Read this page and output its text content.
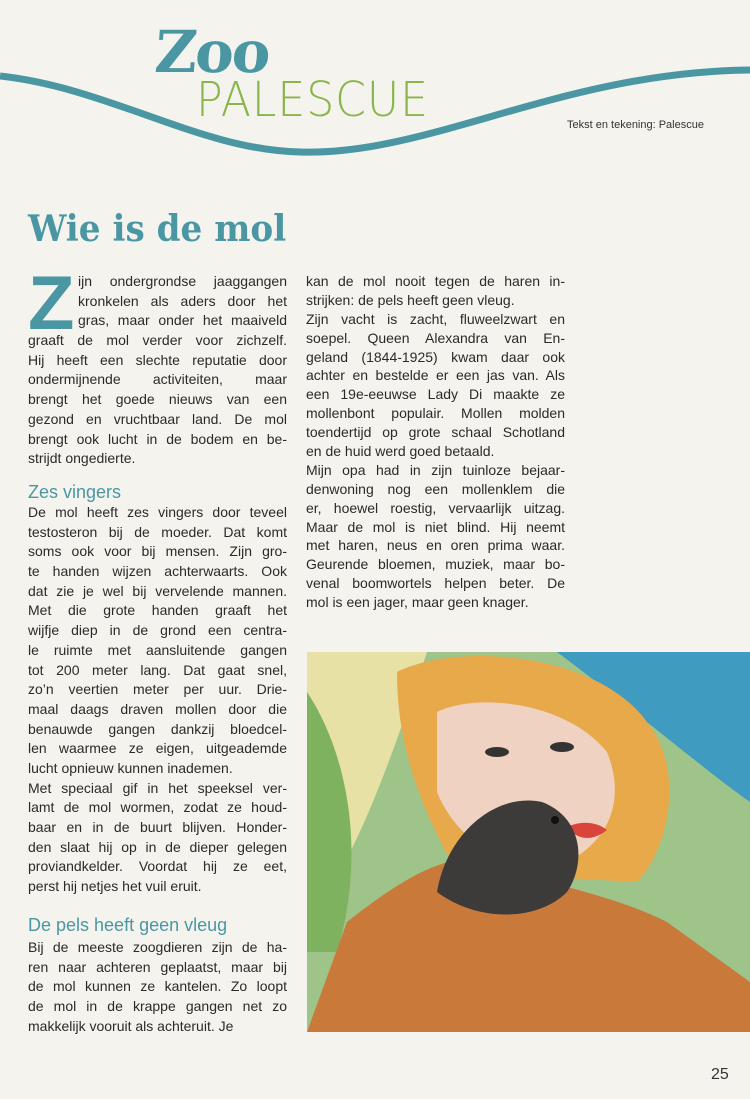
Zoo
PALESCUE	Tekst en tekening: Palescue
Wie is de mol
Z ijn ondergrondse jaaggangen
kronkelen als aders door het
gras, maar onder het maaiveld
graaft de mol verder voor zichzelf.
Hij heeft een slechte reputatie door
ondermijnende activiteiten, maar
brengt het goede nieuws van een
gezond en vruchtbaar land. De mol
brengt ook lucht in de bodem en be-
strijdt ongedierte.
Zes vingers
De mol heeft zes vingers door teveel
testosteron bij de moeder. Dat komt
soms ook voor bij mensen. Zijn gro-
te handen wijzen achterwaarts. Ook
dat zie je wel bij vervelende mannen.
Met die grote handen graaft het
wijfje diep in de grond een centra-
le ruimte met aansluitende gangen
tot 200 meter lang. Dat gaat snel,
zo’n veertien meter per uur. Drie-
maal daags draven mollen door die
benauwde gangen dankzij bloedcel-
len waarmee ze eigen, uitgeademde
lucht opnieuw kunnen inademen.
Met speciaal gif in het speeksel ver-
lamt de mol wormen, zodat ze houd-
baar en in de buurt blijven. Honder-
den slaat hij op in de dieper gelegen
proviandkelder. Voordat hij ze eet,
perst hij netjes het vuil eruit.
De pels heeft geen vleug
Bij de meeste zoogdieren zijn de ha-
ren naar achteren geplaatst, maar bij
de mol kunnen ze kantelen. Zo loopt
de mol in de krappe gangen net zo
makkelijk vooruit als achteruit. Je
kan de mol nooit tegen de haren in-
strijken: de pels heeft geen vleug.
Zijn vacht is zacht, fluweelzwart en
soepel. Queen Alexandra van En-
geland (1844-1925) kwam daar ook
achter en bestelde er een jas van. Als
een 19e-eeuwse Lady Di maakte ze
mollenbont populair. Mollen molden
toendertijd op grote schaal Schotland
en de huid werd goed betaald.
Mijn opa had in zijn tuinloze bejaar-
denwoning nog een mollenklem die
er, hoewel roestig, vervaarlijk uitzag.
Maar de mol is niet blind. Hij neemt
met haren, neus en oren prima waar.
Geurende bloemen, muziek, maar bo-
venal boomwortels helpen beter. De
mol is een jager, maar geen knager.
25
